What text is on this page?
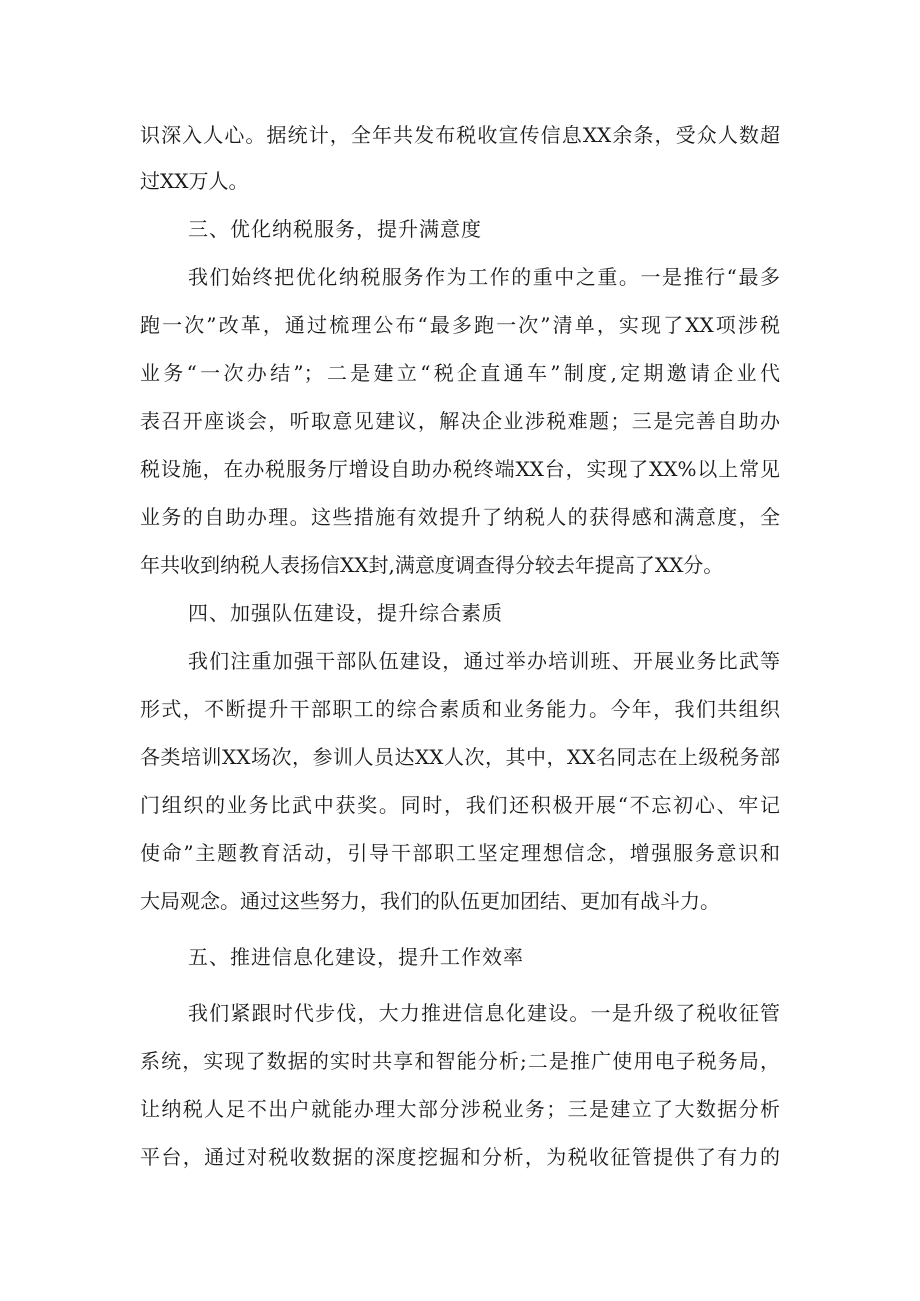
识深入人心。据统计，全年共发布税收宣传信息XX余条，受众人数超
过XX万人。
三、优化纳税服务，提升满意度
我们始终把优化纳税服务作为工作的重中之重。一是推行“最多
跑一次”改革，通过梳理公布“最多跑一次”清单，实现了XX项涉税
业务“一次办结”；二是建立“税企直通车”制度,定期邀请企业代
表召开座谈会，听取意见建议，解决企业涉税难题；三是完善自助办
税设施，在办税服务厅增设自助办税终端XX台，实现了XX%以上常见
业务的自助办理。这些措施有效提升了纳税人的获得感和满意度，全
年共收到纳税人表扬信XX封,满意度调查得分较去年提高了XX分。
四、加强队伍建设，提升综合素质
我们注重加强干部队伍建设，通过举办培训班、开展业务比武等
形式，不断提升干部职工的综合素质和业务能力。今年，我们共组织
各类培训XX场次，参训人员达XX人次，其中，XX名同志在上级税务部
门组织的业务比武中获奖。同时，我们还积极开展“不忘初心、牢记
使命”主题教育活动，引导干部职工坚定理想信念，增强服务意识和
大局观念。通过这些努力，我们的队伍更加团结、更加有战斗力。
五、推进信息化建设，提升工作效率
我们紧跟时代步伐，大力推进信息化建设。一是升级了税收征管
系统，实现了数据的实时共享和智能分析;二是推广使用电子税务局，
让纳税人足不出户就能办理大部分涉税业务；三是建立了大数据分析
平台，通过对税收数据的深度挖掘和分析，为税收征管提供了有力的
